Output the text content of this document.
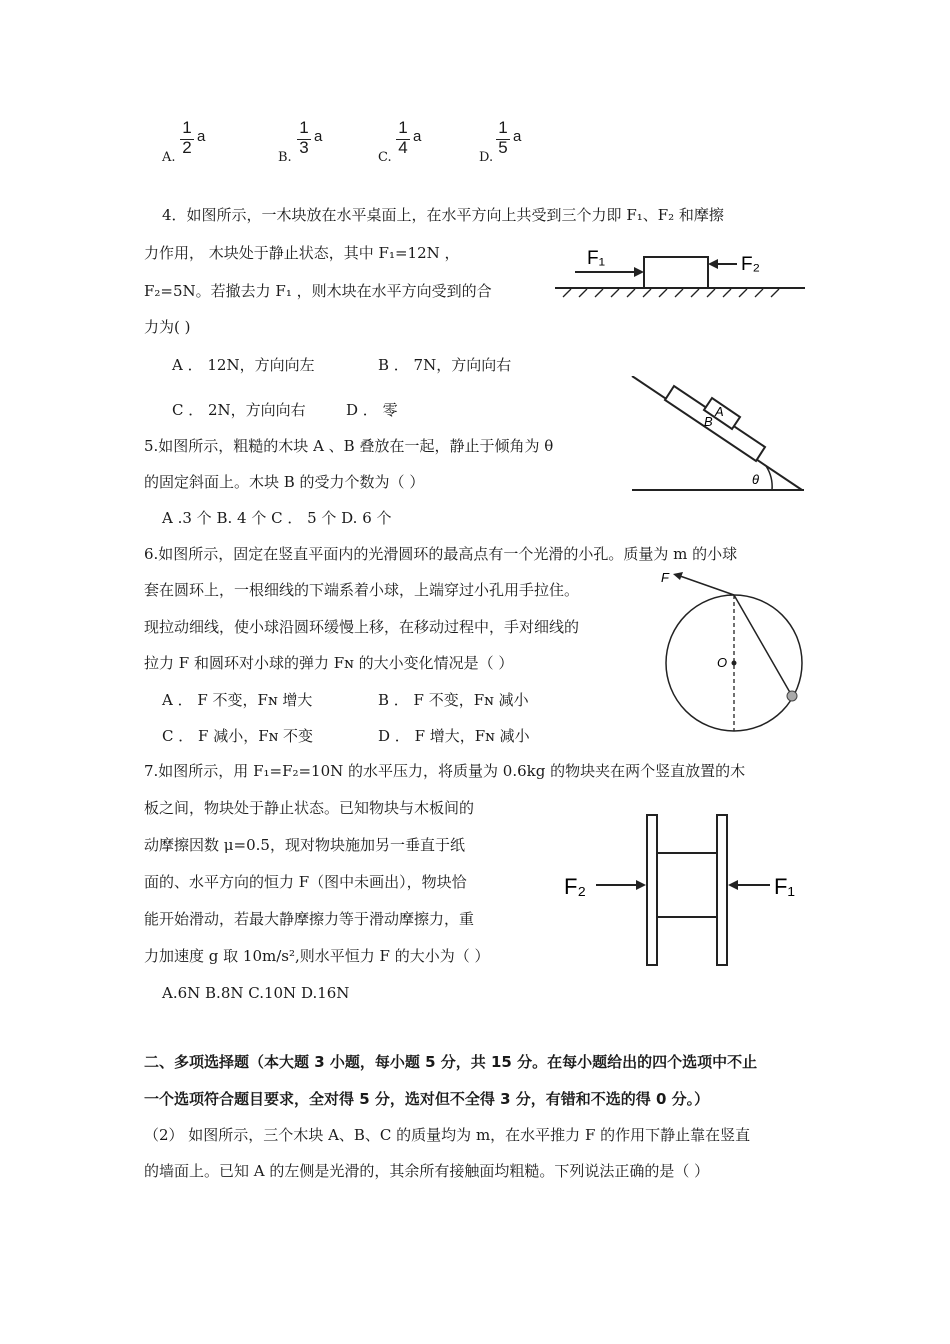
A.
1
2
a
B.
1
3
a
C.
1
4
a
D.
1
5
a
4．如图所示，一木块放在水平桌面上，在水平方向上共受到三个力即 F₁、F₂ 和摩擦
力作用， 木块处于静止状态，其中 F₁=12N ，
F₂=5N。若撤去力 F₁ ，则木块在水平方向受到的合
力为( )
A ． 12N，方向向左	B ． 7N，方向向右
C ． 2N，方向向右	D ． 零
F₁	F₂
5.如图所示，粗糙的木块 A 、B 叠放在一起，静止于倾角为 θ
的固定斜面上。木块 B 的受力个数为（ ）
A .3 个 B. 4 个 C ． 5 个 D. 6 个
A
B
θ
6.如图所示，固定在竖直平面内的光滑圆环的最高点有一个光滑的小孔。质量为 m 的小球
套在圆环上，一根细线的下端系着小球，上端穿过小孔用手拉住。
现拉动细线，使小球沿圆环缓慢上移，在移动过程中，手对细线的
拉力 F 和圆环对小球的弹力 Fɴ 的大小变化情况是（ ）
A ． F 不变，Fɴ 增大	B ． F 不变，Fɴ 减小
C ． F 减小，Fɴ 不变	D ． F 增大，Fɴ 减小
F
O
7.如图所示，用 F₁=F₂=10N 的水平压力，将质量为 0.6kg 的物块夹在两个竖直放置的木
板之间，物块处于静止状态。已知物块与木板间的
动摩擦因数 μ=0.5，现对物块施加另一垂直于纸
面的、水平方向的恒力 F（图中未画出），物块恰
能开始滑动，若最大静摩擦力等于滑动摩擦力，重
力加速度 g 取 10m/s²,则水平恒力 F 的大小为（ ）
A.6N B.8N C.10N D.16N
F₂	F₁
二、多项选择题（本大题 3 小题，每小题 5 分，共 15 分。在每小题给出的四个选项中不止
一个选项符合题目要求，全对得 5 分，选对但不全得 3 分，有错和不选的得 0 分。）
（2） 如图所示，三个木块 A、B、C 的质量均为 m，在水平推力 F 的作用下静止靠在竖直
的墙面上。已知 A 的左侧是光滑的，其余所有接触面均粗糙。下列说法正确的是（ ）
